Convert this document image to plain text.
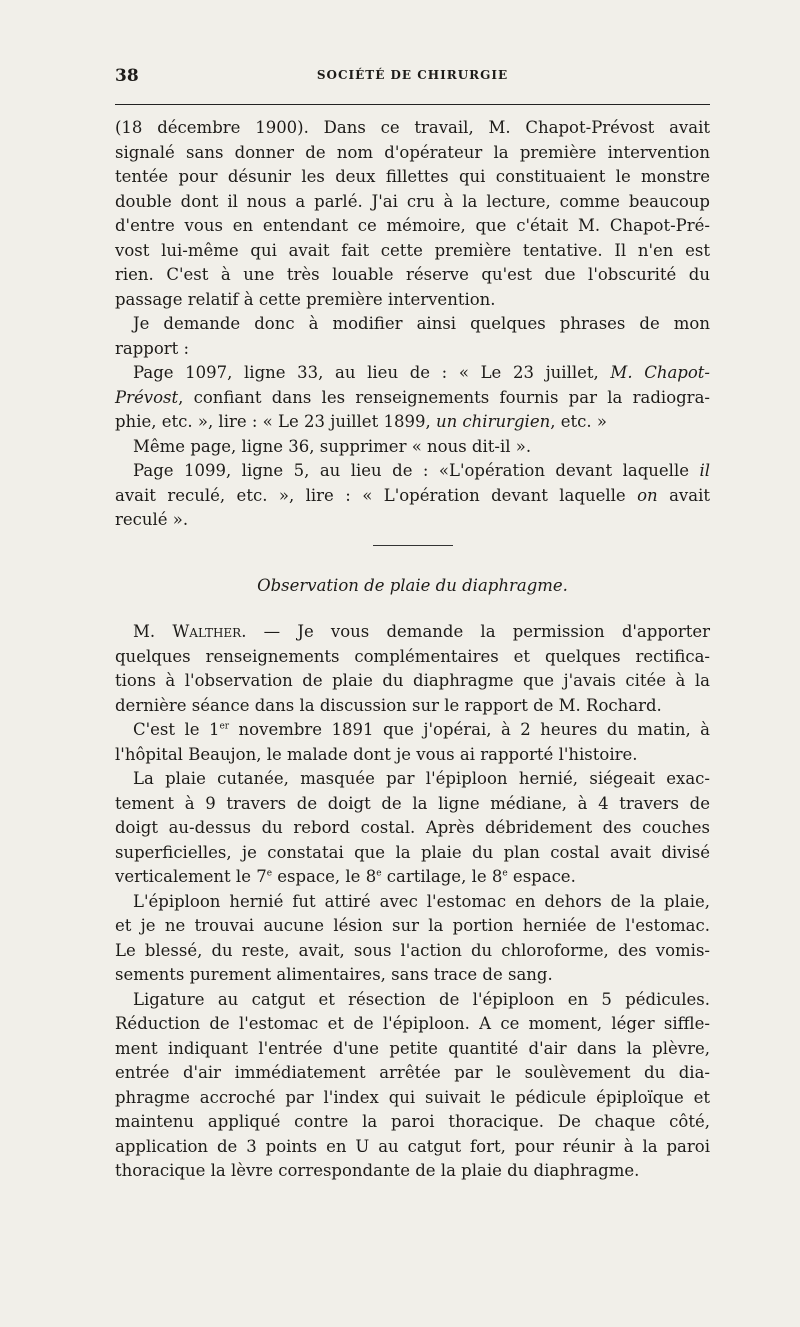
38	SOCIÉTÉ DE CHIRURGIE
(18 décembre 1900). Dans ce travail, M. Chapot-Prévost avait
signalé sans donner de nom d'opérateur la première intervention
tentée pour désunir les deux fillettes qui constituaient le monstre
double dont il nous a parlé. J'ai cru à la lecture, comme beaucoup
d'entre vous en entendant ce mémoire, que c'était M. Chapot-Pré-
vost lui-même qui avait fait cette première tentative. Il n'en est
rien. C'est à une très louable réserve qu'est due l'obscurité du
passage relatif à cette première intervention.
Je demande donc à modifier ainsi quelques phrases de mon
rapport :
Page 1097, ligne 33, au lieu de : « Le 23 juillet, M. Chapot-
Prévost, confiant dans les renseignements fournis par la radiogra-
phie, etc. », lire : « Le 23 juillet 1899, un chirurgien, etc. »
Même page, ligne 36, supprimer « nous dit-il ».
Page 1099, ligne 5, au lieu de : «L'opération devant laquelle il
avait reculé, etc. », lire : « L'opération devant laquelle on avait
reculé ».
Observation de plaie du diaphragme.
M. Walther. — Je vous demande la permission d'apporter
quelques renseignements complémentaires et quelques rectifica-
tions à l'observation de plaie du diaphragme que j'avais citée à la
dernière séance dans la discussion sur le rapport de M. Rochard.
C'est le 1er novembre 1891 que j'opérai, à 2 heures du matin, à
l'hôpital Beaujon, le malade dont je vous ai rapporté l'histoire.
La plaie cutanée, masquée par l'épiploon hernié, siégeait exac-
tement à 9 travers de doigt de la ligne médiane, à 4 travers de
doigt au-dessus du rebord costal. Après débridement des couches
superficielles, je constatai que la plaie du plan costal avait divisé
verticalement le 7e espace, le 8e cartilage, le 8e espace.
L'épiploon hernié fut attiré avec l'estomac en dehors de la plaie,
et je ne trouvai aucune lésion sur la portion herniée de l'estomac.
Le blessé, du reste, avait, sous l'action du chloroforme, des vomis-
sements purement alimentaires, sans trace de sang.
Ligature au catgut et résection de l'épiploon en 5 pédicules.
Réduction de l'estomac et de l'épiploon. A ce moment, léger siffle-
ment indiquant l'entrée d'une petite quantité d'air dans la plèvre,
entrée d'air immédiatement arrêtée par le soulèvement du dia-
phragme accroché par l'index qui suivait le pédicule épiploïque et
maintenu appliqué contre la paroi thoracique. De chaque côté,
application de 3 points en U au catgut fort, pour réunir à la paroi
thoracique la lèvre correspondante de la plaie du diaphragme.
